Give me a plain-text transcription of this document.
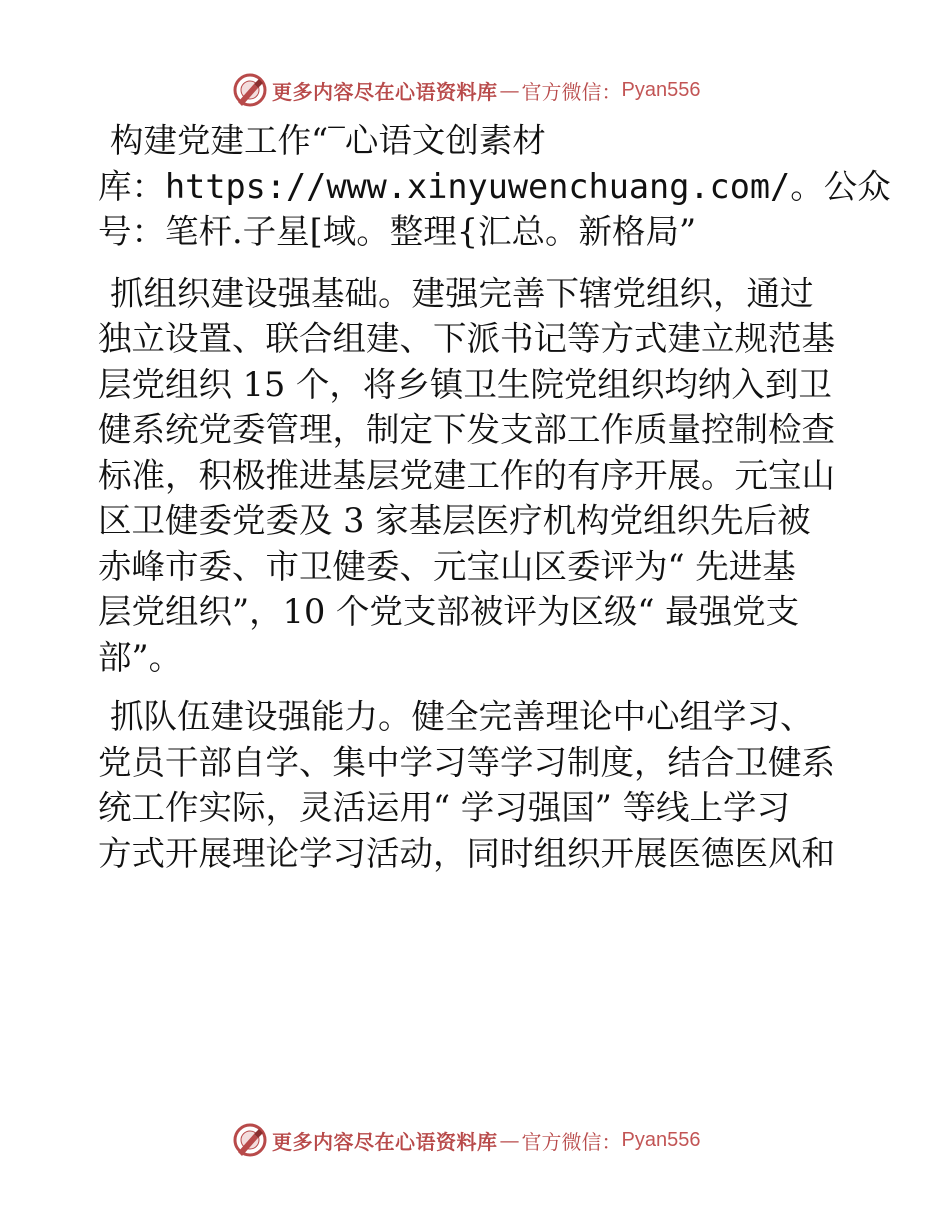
更多内容尽在心语资料库 — 官方微信： Pyan556
构建党建工作“‾心语文创素材
库：https://www.xinyuwenchuang.com/。公众
号：笔杆.子星[域。整理{汇总。新格局”
抓组织建设强基础。建强完善下辖党组织，通过
独立设置、联合组建、下派书记等方式建立规范基
层党组织 15 个，将乡镇卫生院党组织均纳入到卫
健系统党委管理，制定下发支部工作质量控制检查
标准，积极推进基层党建工作的有序开展。元宝山
区卫健委党委及 3 家基层医疗机构党组织先后被
赤峰市委、市卫健委、元宝山区委评为“ 先进基
层党组织”，10 个党支部被评为区级“ 最强党支
部”。
抓队伍建设强能力。健全完善理论中心组学习、
党员干部自学、集中学习等学习制度，结合卫健系
统工作实际，灵活运用“ 学习强国” 等线上学习
方式开展理论学习活动，同时组织开展医德医风和
更多内容尽在心语资料库 — 官方微信： Pyan556
